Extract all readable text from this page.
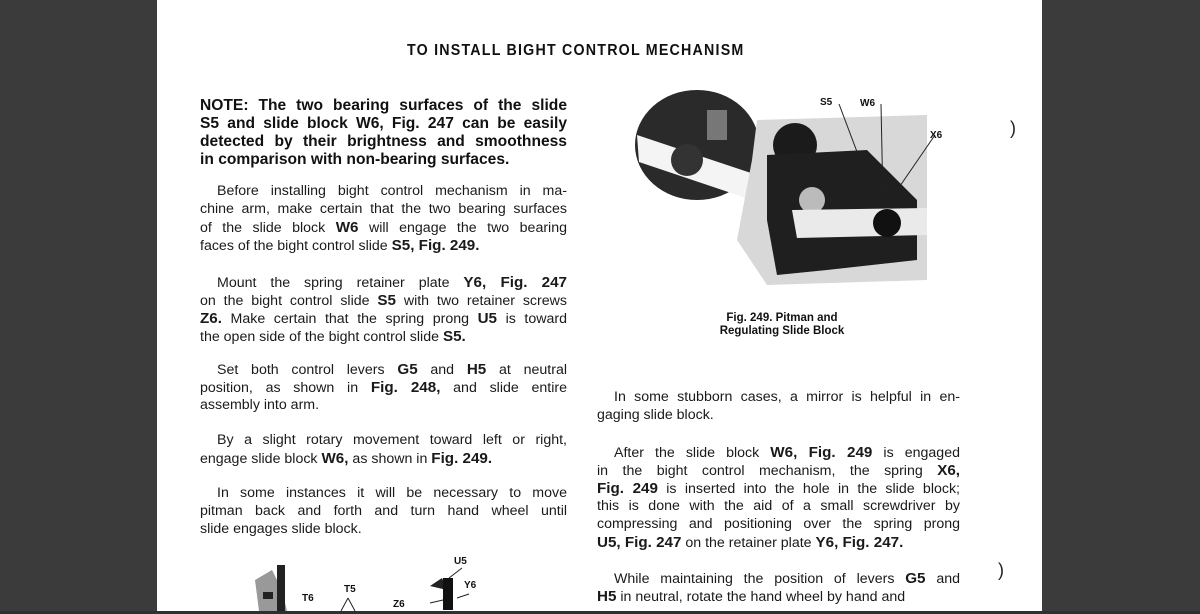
TO INSTALL BIGHT CONTROL MECHANISM
NOTE: The two bearing surfaces of the slide
S5 and slide block W6, Fig. 247 can be easily
detected by their brightness and smoothness
in comparison with non-bearing surfaces.
Before installing bight control mechanism in ma-
chine arm, make certain that the two bearing surfaces
of the slide block W6 will engage the two bearing
faces of the bight control slide S5, Fig. 249.
Mount the spring retainer plate Y6, Fig. 247
on the bight control slide S5 with two retainer screws
Z6. Make certain that the spring prong U5 is toward
the open side of the bight control slide S5.
Set both control levers G5 and H5 at neutral
position, as shown in Fig. 248, and slide entire
assembly into arm.
By a slight rotary movement toward left or right,
engage slide block W6, as shown in Fig. 249.
In some instances it will be necessary to move
pitman back and forth and turn hand wheel until
slide engages slide block.
In some stubborn cases, a mirror is helpful in en-
gaging slide block.
After the slide block W6, Fig. 249 is engaged
in the bight control mechanism, the spring X6,
Fig. 249 is inserted into the hole in the slide block;
this is done with the aid of a small screwdriver by
compressing and positioning over the spring prong
U5, Fig. 247 on the retainer plate Y6, Fig. 247.
While maintaining the position of levers G5 and
H5 in neutral, rotate the hand wheel by hand and
S5	W6
X6
Fig. 249. Pitman and
Regulating Slide Block
T6
T5
Z6
U5
Y6
)
)
